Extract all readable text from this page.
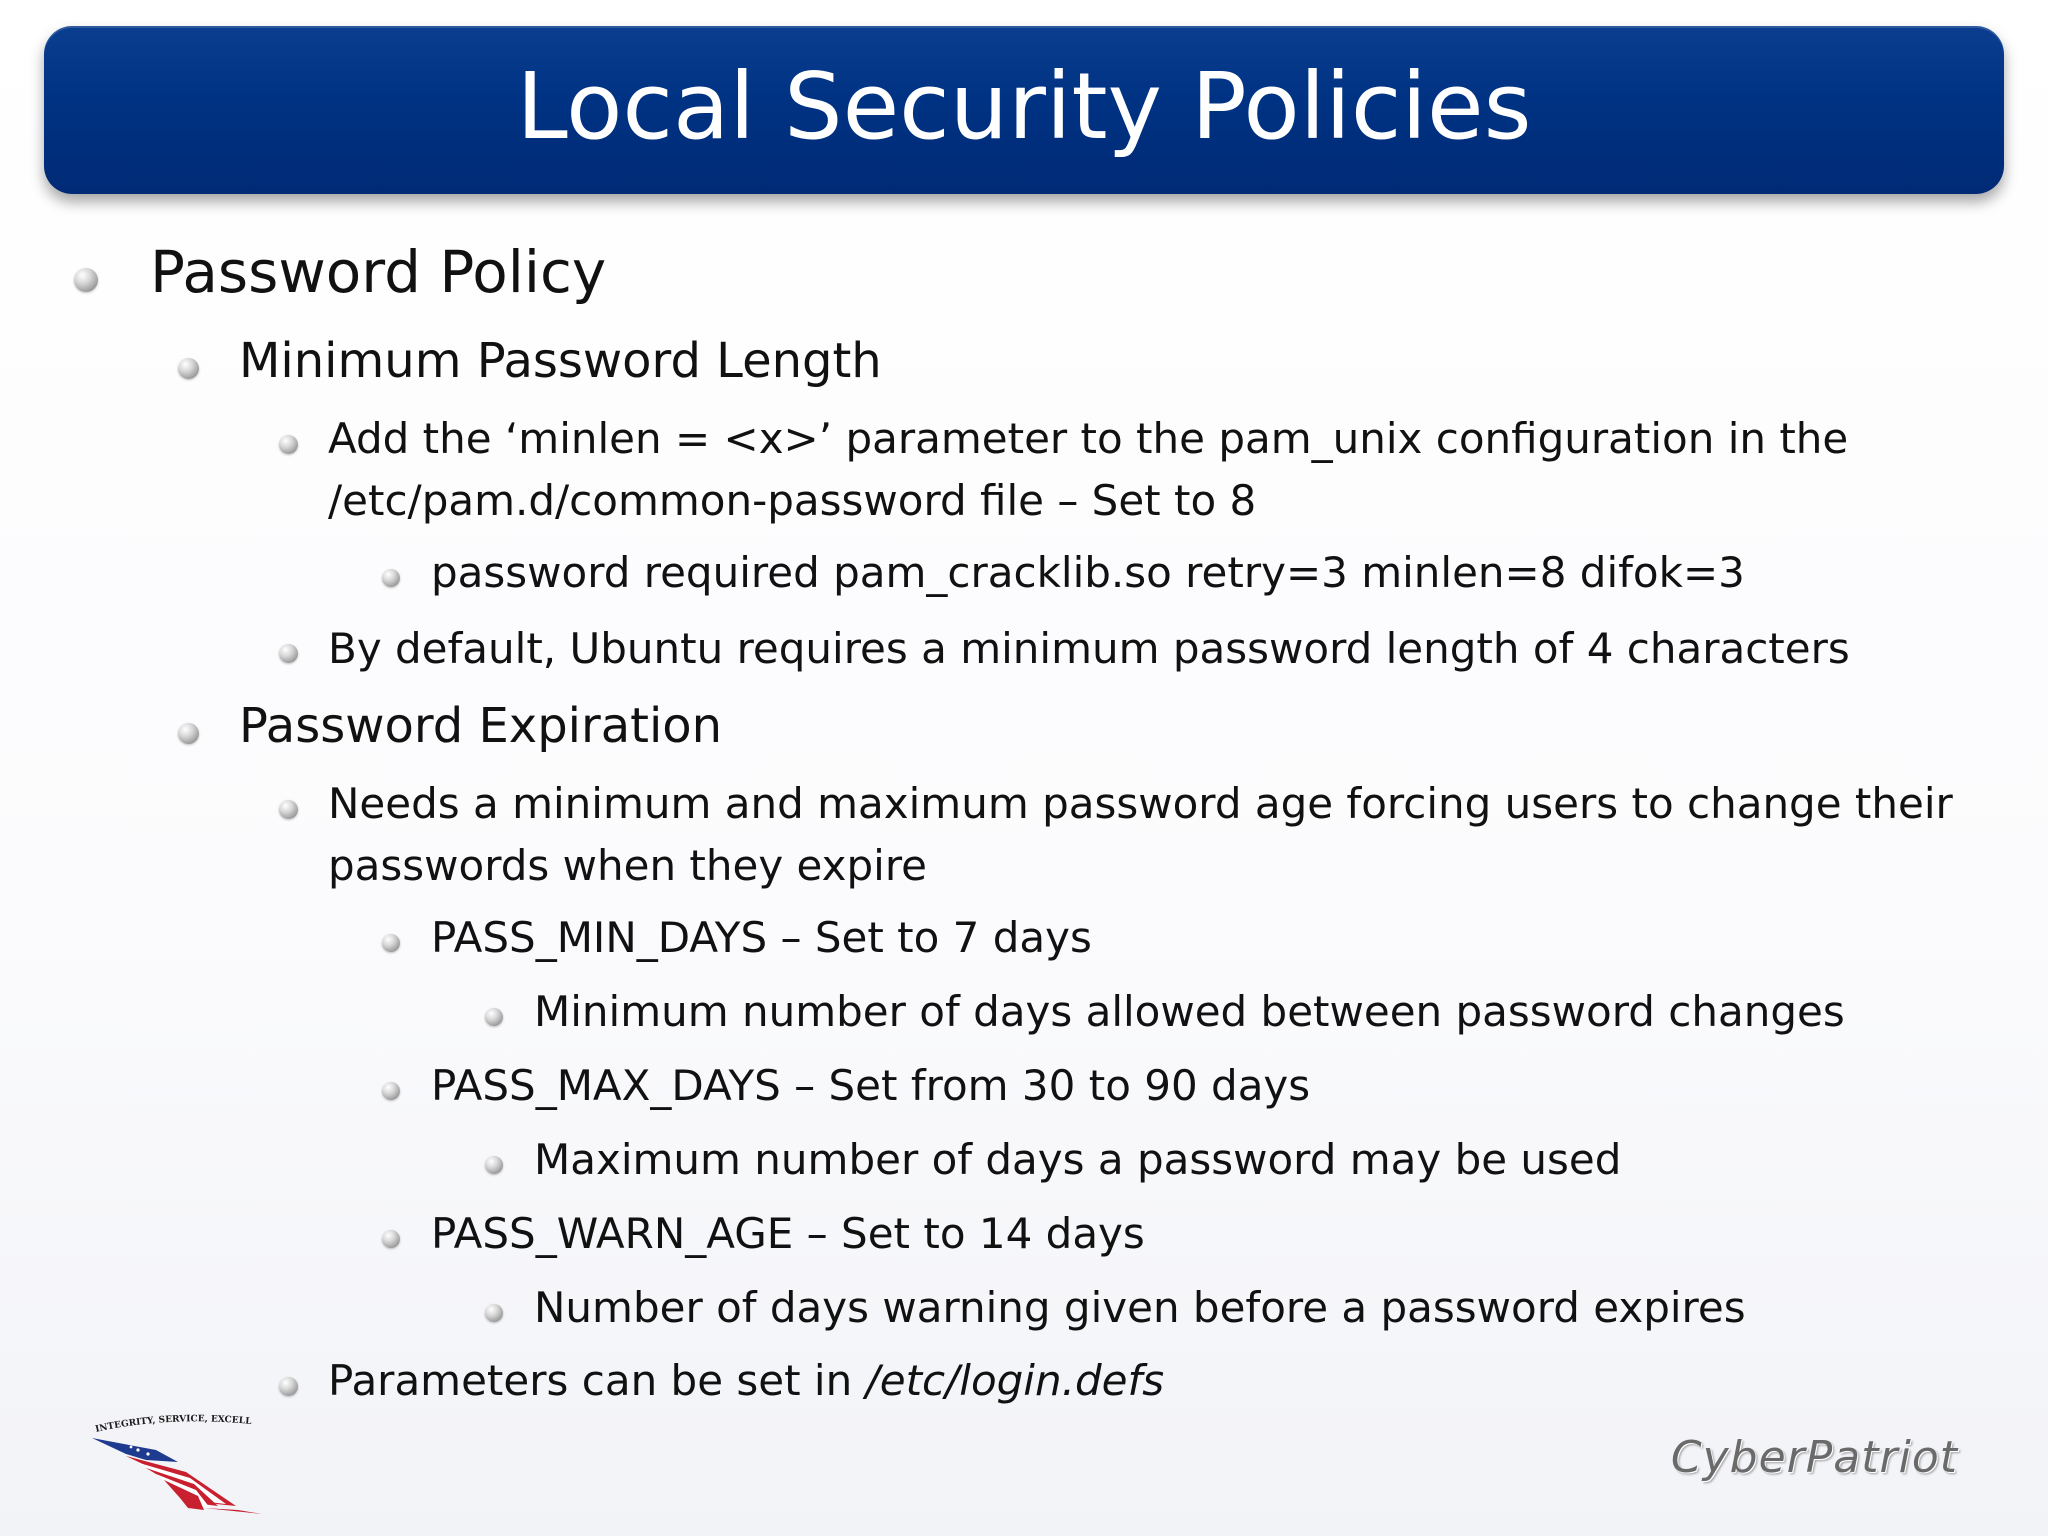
Local Security Policies
Password Policy
Minimum Password Length
Add the ‘minlen = <x>’ parameter to the pam_unix configuration in the
/etc/pam.d/common-password file – Set to 8
password required pam_cracklib.so retry=3 minlen=8 difok=3
By default, Ubuntu requires a minimum password length of 4 characters
Password Expiration
Needs a minimum and maximum password age forcing users to change their
passwords when they expire
PASS_MIN_DAYS – Set to 7 days
Minimum number of days allowed between password changes
PASS_MAX_DAYS – Set from 30 to 90 days
Maximum number of days a password may be used
PASS_WARN_AGE – Set to 14 days
Number of days warning given before a password expires
Parameters can be set in /etc/login.defs
INTEGRITY, SERVICE, EXCELL
CyberPatriot
